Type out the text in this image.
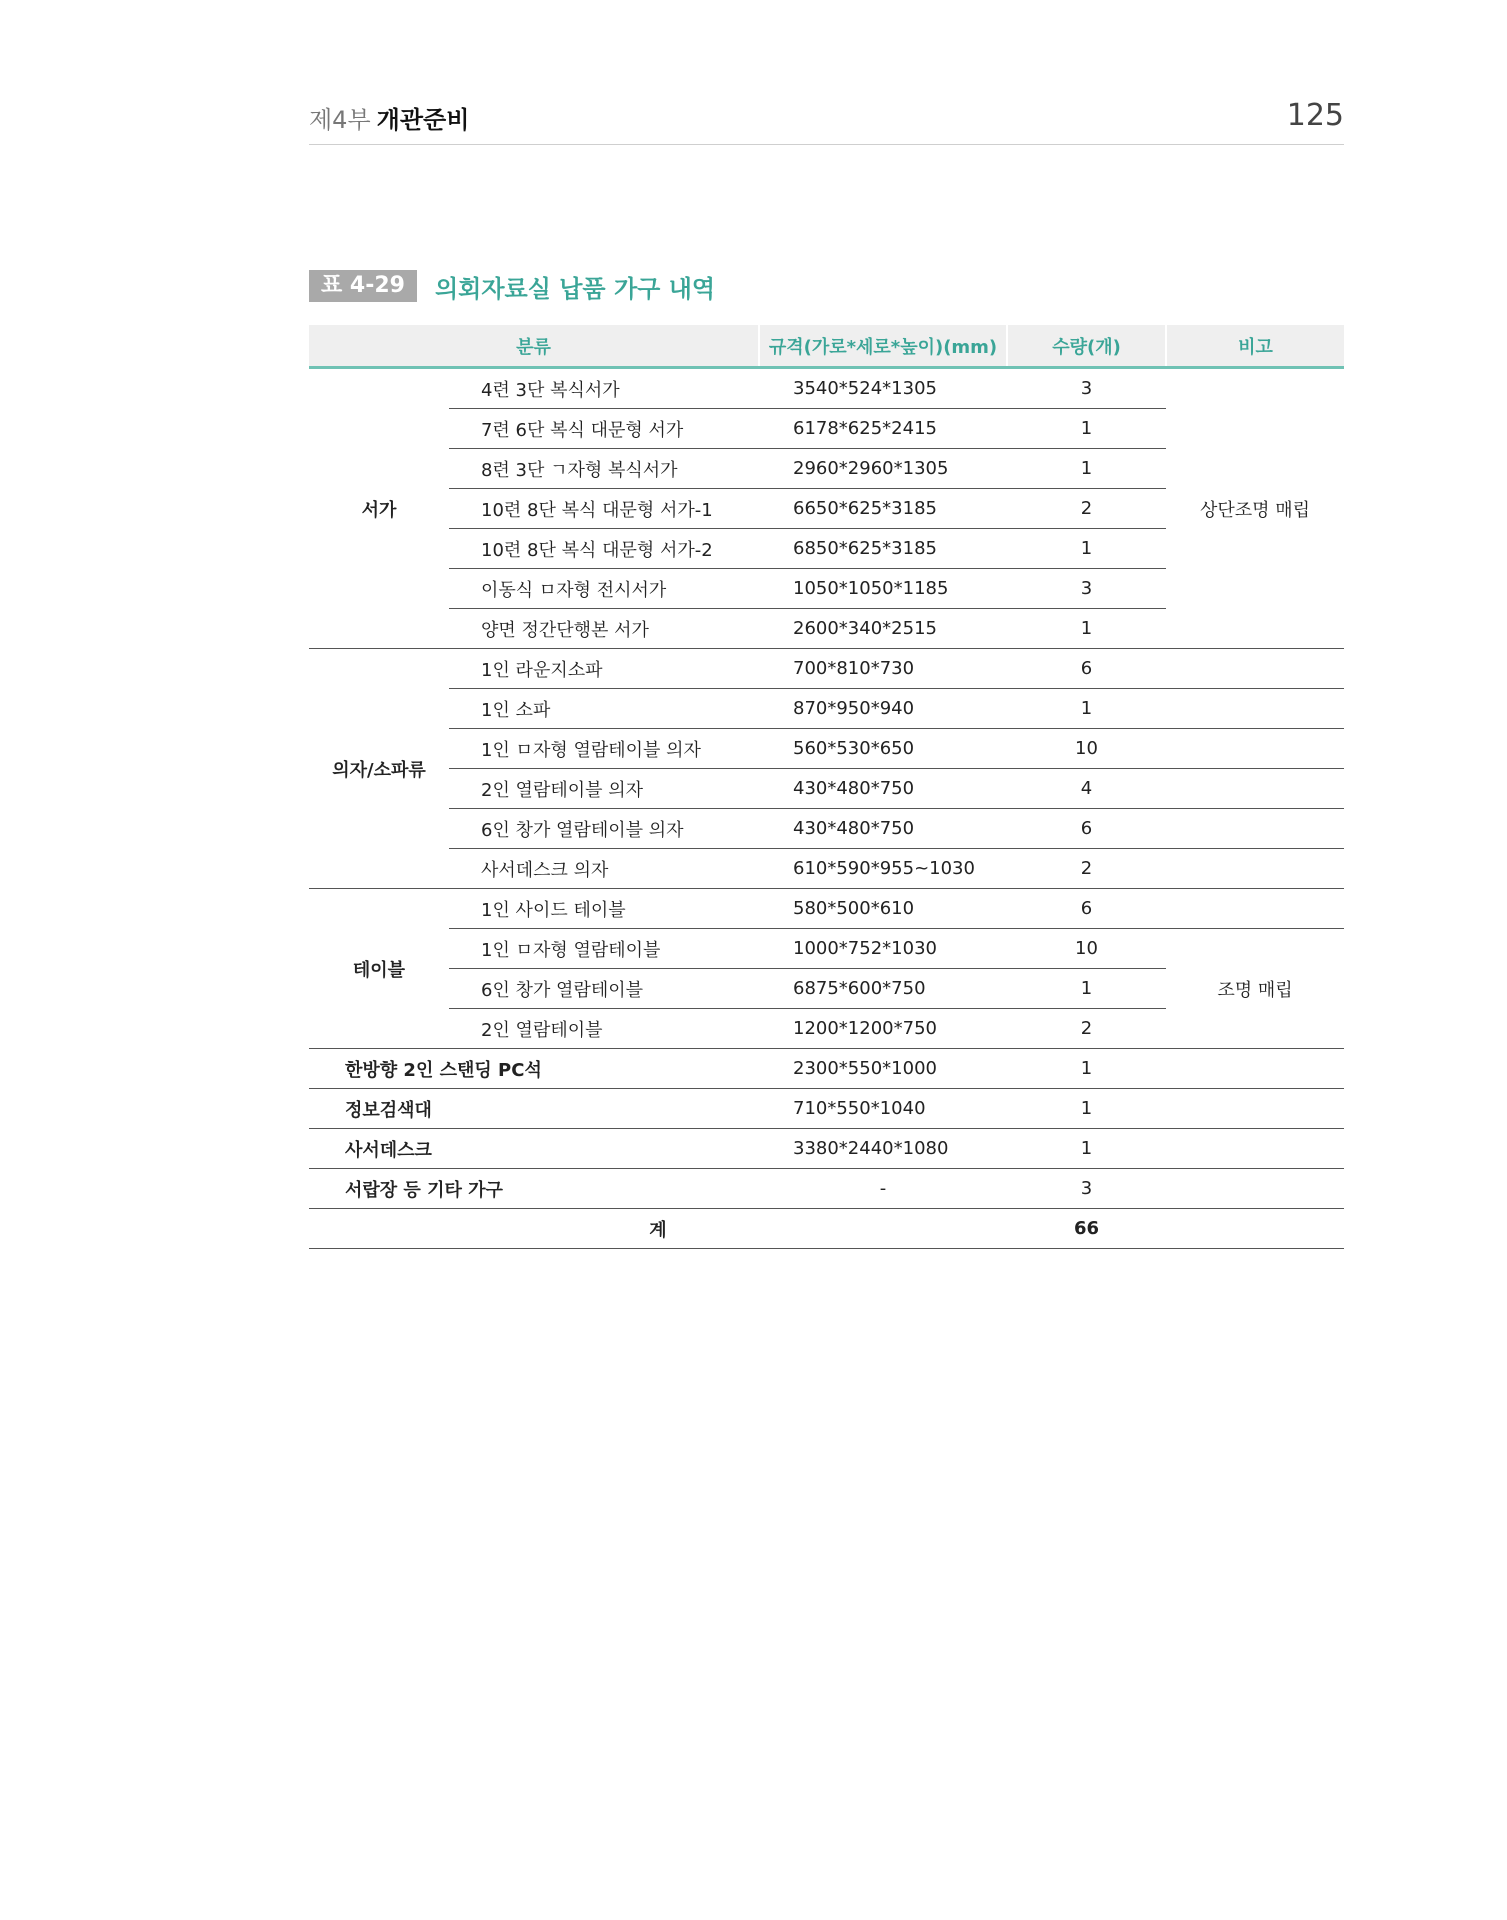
제4부 개관준비	125
표 4-29	의회자료실 납품 가구 내역
분류		규격(가로*세로*높이)(mm)	수량(개)	비고
서가	4련 3단 복식서가	3540*524*1305	3	상단조명 매립
	7련 6단 복식 대문형 서가	6178*625*2415	1	
	8련 3단 ㄱ자형 복식서가	2960*2960*1305	1	
	10련 8단 복식 대문형 서가-1	6650*625*3185	2	
	10련 8단 복식 대문형 서가-2	6850*625*3185	1	
	이동식 ㅁ자형 전시서가	1050*1050*1185	3	
	양면 정간단행본 서가	2600*340*2515	1	
의자/소파류	1인 라운지소파	700*810*730	6	
	1인 소파	870*950*940	1	
	1인 ㅁ자형 열람테이블 의자	560*530*650	10	
	2인 열람테이블 의자	430*480*750	4	
	6인 창가 열람테이블 의자	430*480*750	6	
	사서데스크 의자	610*590*955~1030	2	
테이블	1인 사이드 테이블	580*500*610	6	
	1인 ㅁ자형 열람테이블	1000*752*1030	10	조명 매립
	6인 창가 열람테이블	6875*600*750	1	
	2인 열람테이블	1200*1200*750	2	
한방향 2인 스탠딩 PC석		2300*550*1000	1	
정보검색대		710*550*1040	1	
사서데스크		3380*2440*1080	1	
서랍장 등 기타 가구		-	3	
계			66	
